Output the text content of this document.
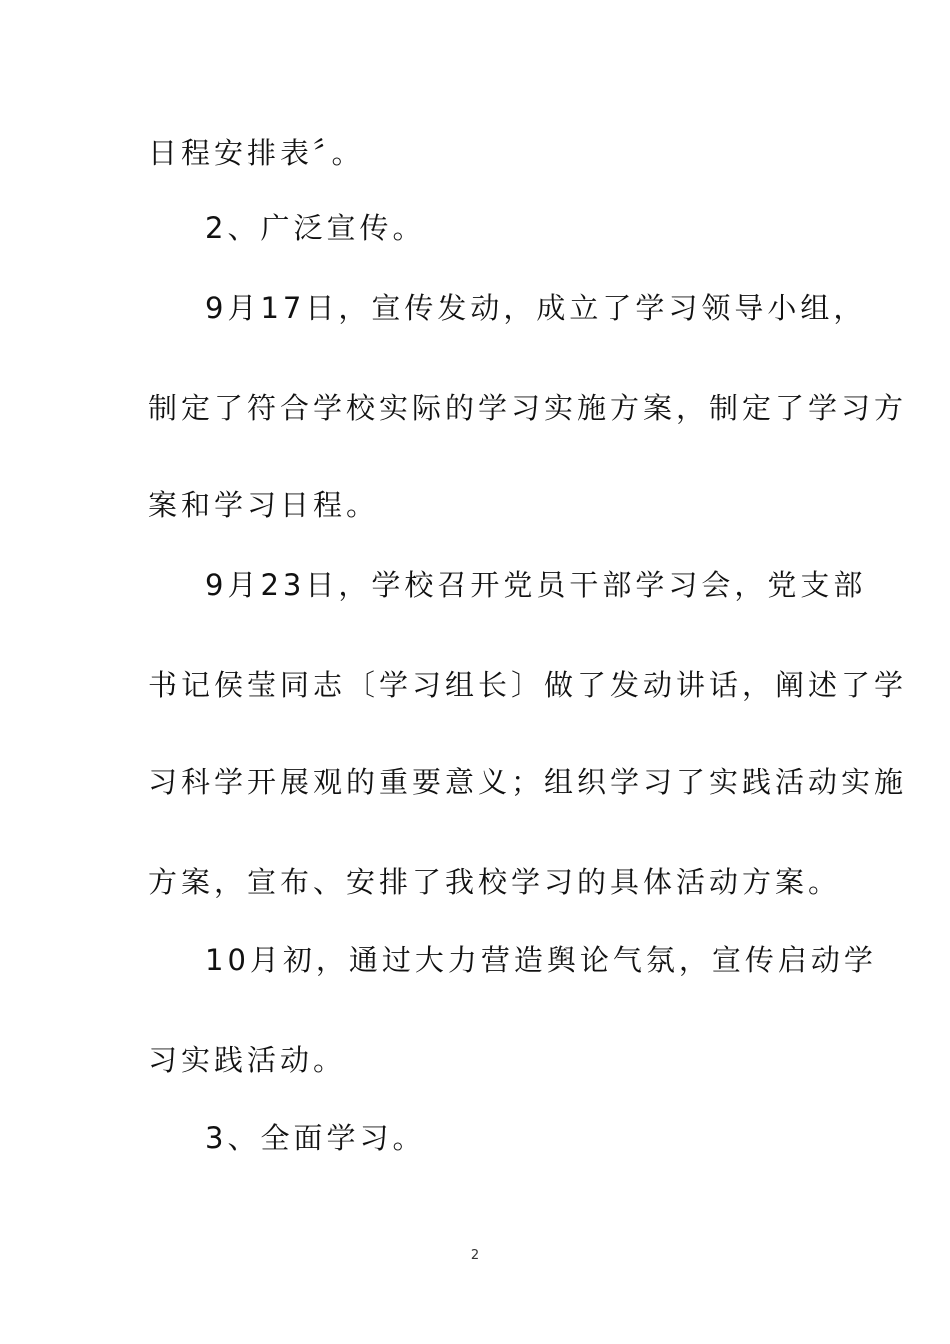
日程安排表〞。
2、广泛宣传。
9月17日，宣传发动，成立了学习领导小组，
制定了符合学校实际的学习实施方案，制定了学习方
案和学习日程。
9月23日，学校召开党员干部学习会，党支部
书记侯莹同志〔学习组长〕做了发动讲话，阐述了学
习科学开展观的重要意义；组织学习了实践活动实施
方案，宣布、安排了我校学习的具体活动方案。
10月初，通过大力营造舆论气氛，宣传启动学
习实践活动。
3、全面学习。
2
